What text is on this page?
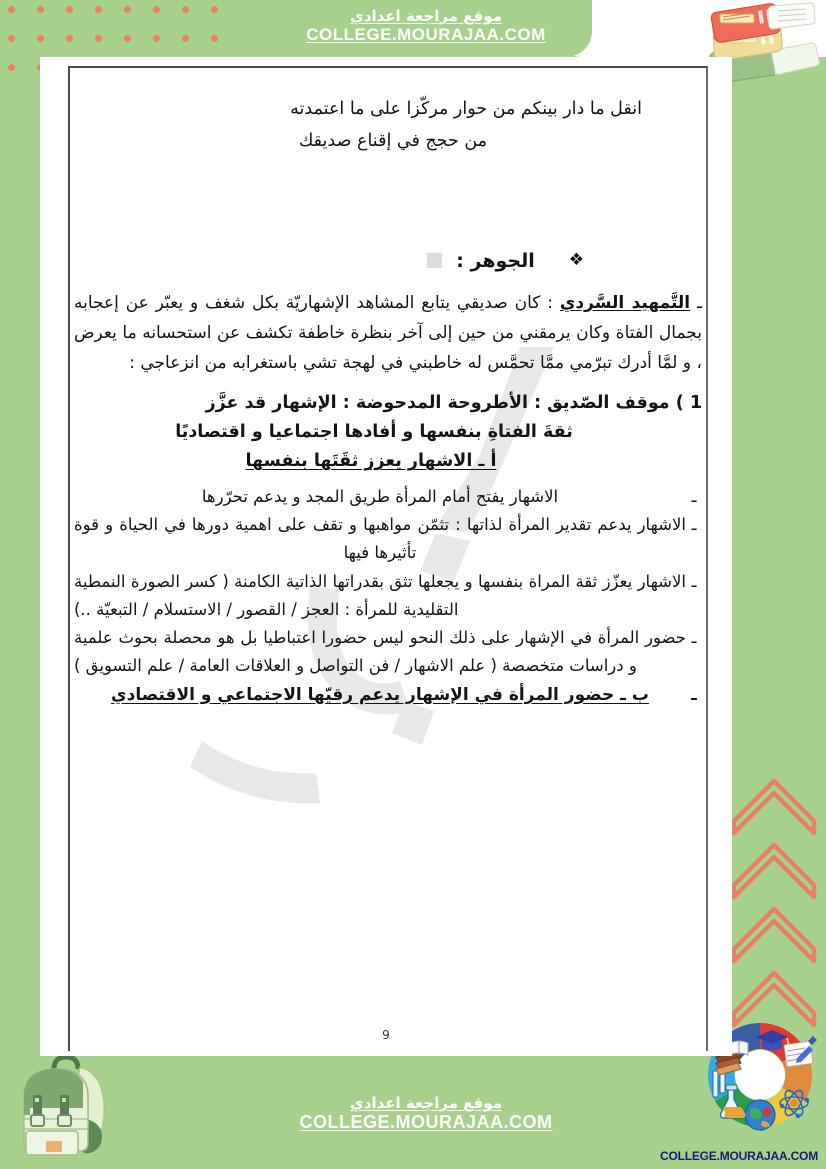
موقع مراجعة اعدادي
COLLEGE.MOURAJAA.COM
موقع مراجعة اعدادي
COLLEGE.MOURAJAA.COM
COLLEGE.MOURAJAA.COM
انقل ما دار بينكم من حوار مركّزا على ما اعتمدته
من حجج في إقناع صديقك
❖
الجوهر :

ـ التَّمهيد السَّردي : كان صديقي يتابع المشاهد الإشهاريّة بكل شغف و يعبّر عن إعجابه بجمال الفتاة وكان يرمقني من حين إلى آخر بنظرة خاطفة تكشف عن استحسانه ما يعرض ، و لمَّا أدرك تبرّمي ممَّا تحمَّس له خاطبني في لهجة تشي باستغرابه من انزعاجي :

1 ) موقف الصّديق : الأطروحة المدحوضة : الإشهار قد عزَّز
ثقةَ الفتاةِ بنفسها و أفادها اجتماعيا و اقتصاديًا
أ ـ الاشهار يعزز ثقَتَها بنفسها
ـ
الاشهار يفتح أمام المرأة طريق المجد و يدعم تحرّرها
ـ
الاشهار يدعم تقدير المرأة لذاتها : تثمّن مواهبها و تقف على اهمية دورها في الحياة و قوة تأثيرها فيها
ـ
الاشهار يعزّز ثقة المراة بنفسها و يجعلها تثق بقدراتها الذاتية الكامنة ( كسر الصورة النمطية التقليدية للمرأة : العجز / القصور / الاستسلام / التبعيّة ..)
ـ
حضور المرأة في الإشهار على ذلك النحو ليس حضورا اعتباطيا بل هو محصلة بحوث علمية و دراسات متخصصة ( علم الاشهار / فن التواصل و العلاقات العامة / علم التسويق )
ـ
ب ـ حضور المرأة في الإشهار يدعم رقيّها الاجتماعي و الاقتصادي
9
